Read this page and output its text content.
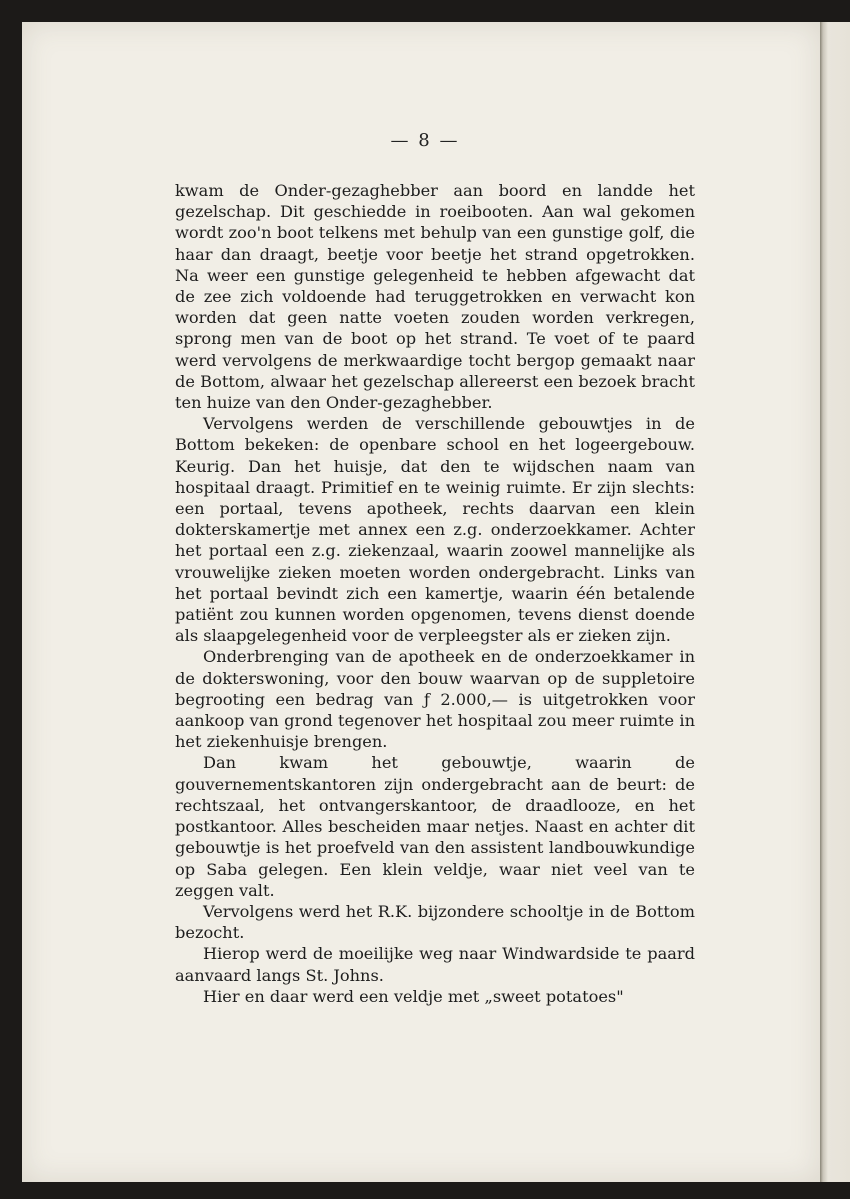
— 8 —

kwam de Onder-gezaghebber aan boord en landde het gezelschap. Dit geschiedde in roeibooten. Aan wal gekomen wordt zoo'n boot telkens met behulp van een gunstige golf, die haar dan draagt, beetje voor beetje het strand opgetrokken. Na weer een gunstige gelegenheid te hebben afgewacht dat de zee zich voldoende had teruggetrokken en verwacht kon worden dat geen natte voeten zouden worden verkregen, sprong men van de boot op het strand. Te voet of te paard werd vervolgens de merkwaardige tocht bergop gemaakt naar de Bottom, alwaar het gezelschap allereerst een bezoek bracht ten huize van den Onder-gezaghebber.

Vervolgens werden de verschillende gebouwtjes in de Bottom bekeken: de openbare school en het logeergebouw. Keurig. Dan het huisje, dat den te wijdschen naam van hospitaal draagt. Primitief en te weinig ruimte. Er zijn slechts: een portaal, tevens apotheek, rechts daarvan een klein dokterskamertje met annex een z.g. onderzoekkamer. Achter het portaal een z.g. ziekenzaal, waarin zoowel mannelijke als vrouwelijke zieken moeten worden ondergebracht. Links van het portaal bevindt zich een kamertje, waarin één betalende patiënt zou kunnen worden opgenomen, tevens dienst doende als slaapgelegenheid voor de verpleegster als er zieken zijn.

Onderbrenging van de apotheek en de onderzoekkamer in de dokterswoning, voor den bouw waarvan op de suppletoire begrooting een bedrag van ƒ 2.000,— is uitgetrokken voor aankoop van grond tegenover het hospitaal zou meer ruimte in het ziekenhuisje brengen.

Dan kwam het gebouwtje, waarin de gouvernementskantoren zijn ondergebracht aan de beurt: de rechtszaal, het ontvangerskantoor, de draadlooze, en het postkantoor. Alles bescheiden maar netjes. Naast en achter dit gebouwtje is het proefveld van den assistent landbouwkundige op Saba gelegen. Een klein veldje, waar niet veel van te zeggen valt.

Vervolgens werd het R.K. bijzondere schooltje in de Bottom bezocht.

Hierop werd de moeilijke weg naar Windwardside te paard aanvaard langs St. Johns.

Hier en daar werd een veldje met „sweet potatoes"
